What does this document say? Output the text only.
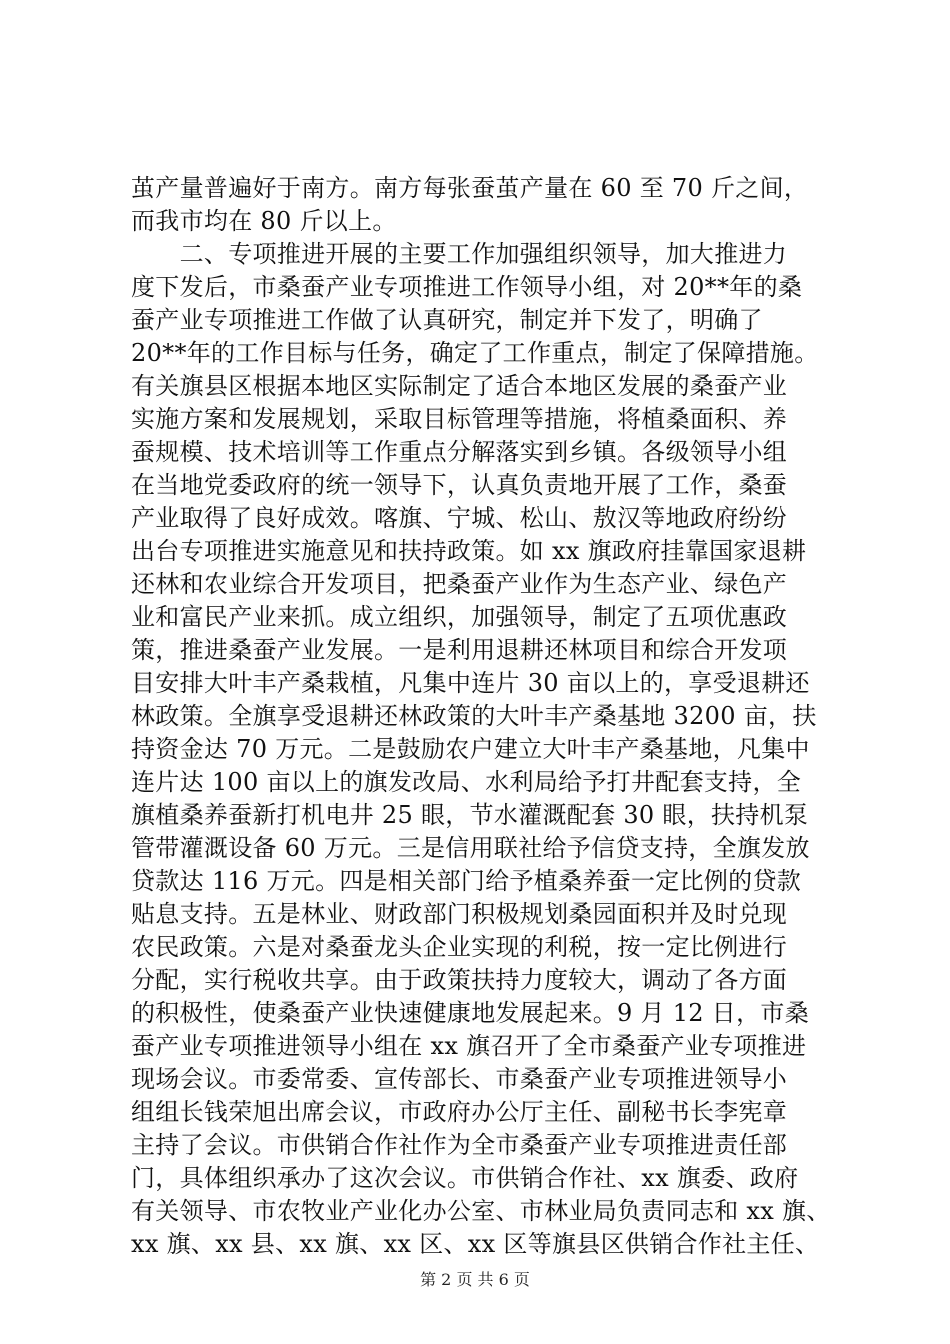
茧产量普遍好于南方。南方每张蚕茧产量在 60 至 70 斤之间，
而我市均在 80 斤以上。
　　二、专项推进开展的主要工作加强组织领导，加大推进力
度下发后，市桑蚕产业专项推进工作领导小组，对 20**年的桑
蚕产业专项推进工作做了认真研究，制定并下发了，明确了
20**年的工作目标与任务，确定了工作重点，制定了保障措施。
有关旗县区根据本地区实际制定了适合本地区发展的桑蚕产业
实施方案和发展规划，采取目标管理等措施，将植桑面积、养
蚕规模、技术培训等工作重点分解落实到乡镇。各级领导小组
在当地党委政府的统一领导下，认真负责地开展了工作，桑蚕
产业取得了良好成效。喀旗、宁城、松山、敖汉等地政府纷纷
出台专项推进实施意见和扶持政策。如 xx 旗政府挂靠国家退耕
还林和农业综合开发项目，把桑蚕产业作为生态产业、绿色产
业和富民产业来抓。成立组织，加强领导，制定了五项优惠政
策，推进桑蚕产业发展。一是利用退耕还林项目和综合开发项
目安排大叶丰产桑栽植，凡集中连片 30 亩以上的，享受退耕还
林政策。全旗享受退耕还林政策的大叶丰产桑基地 3200 亩，扶
持资金达 70 万元。二是鼓励农户建立大叶丰产桑基地，凡集中
连片达 100 亩以上的旗发改局、水利局给予打井配套支持，全
旗植桑养蚕新打机电井 25 眼，节水灌溉配套 30 眼，扶持机泵
管带灌溉设备 60 万元。三是信用联社给予信贷支持，全旗发放
贷款达 116 万元。四是相关部门给予植桑养蚕一定比例的贷款
贴息支持。五是林业、财政部门积极规划桑园面积并及时兑现
农民政策。六是对桑蚕龙头企业实现的利税，按一定比例进行
分配，实行税收共享。由于政策扶持力度较大，调动了各方面
的积极性，使桑蚕产业快速健康地发展起来。9 月 12 日，市桑
蚕产业专项推进领导小组在 xx 旗召开了全市桑蚕产业专项推进
现场会议。市委常委、宣传部长、市桑蚕产业专项推进领导小
组组长钱荣旭出席会议，市政府办公厅主任、副秘书长李宪章
主持了会议。市供销合作社作为全市桑蚕产业专项推进责任部
门，具体组织承办了这次会议。市供销合作社、xx 旗委、政府
有关领导、市农牧业产业化办公室、市林业局负责同志和 xx 旗、
xx 旗、xx 县、xx 旗、xx 区、xx 区等旗县区供销合作社主任、
第 2 页 共 6 页
